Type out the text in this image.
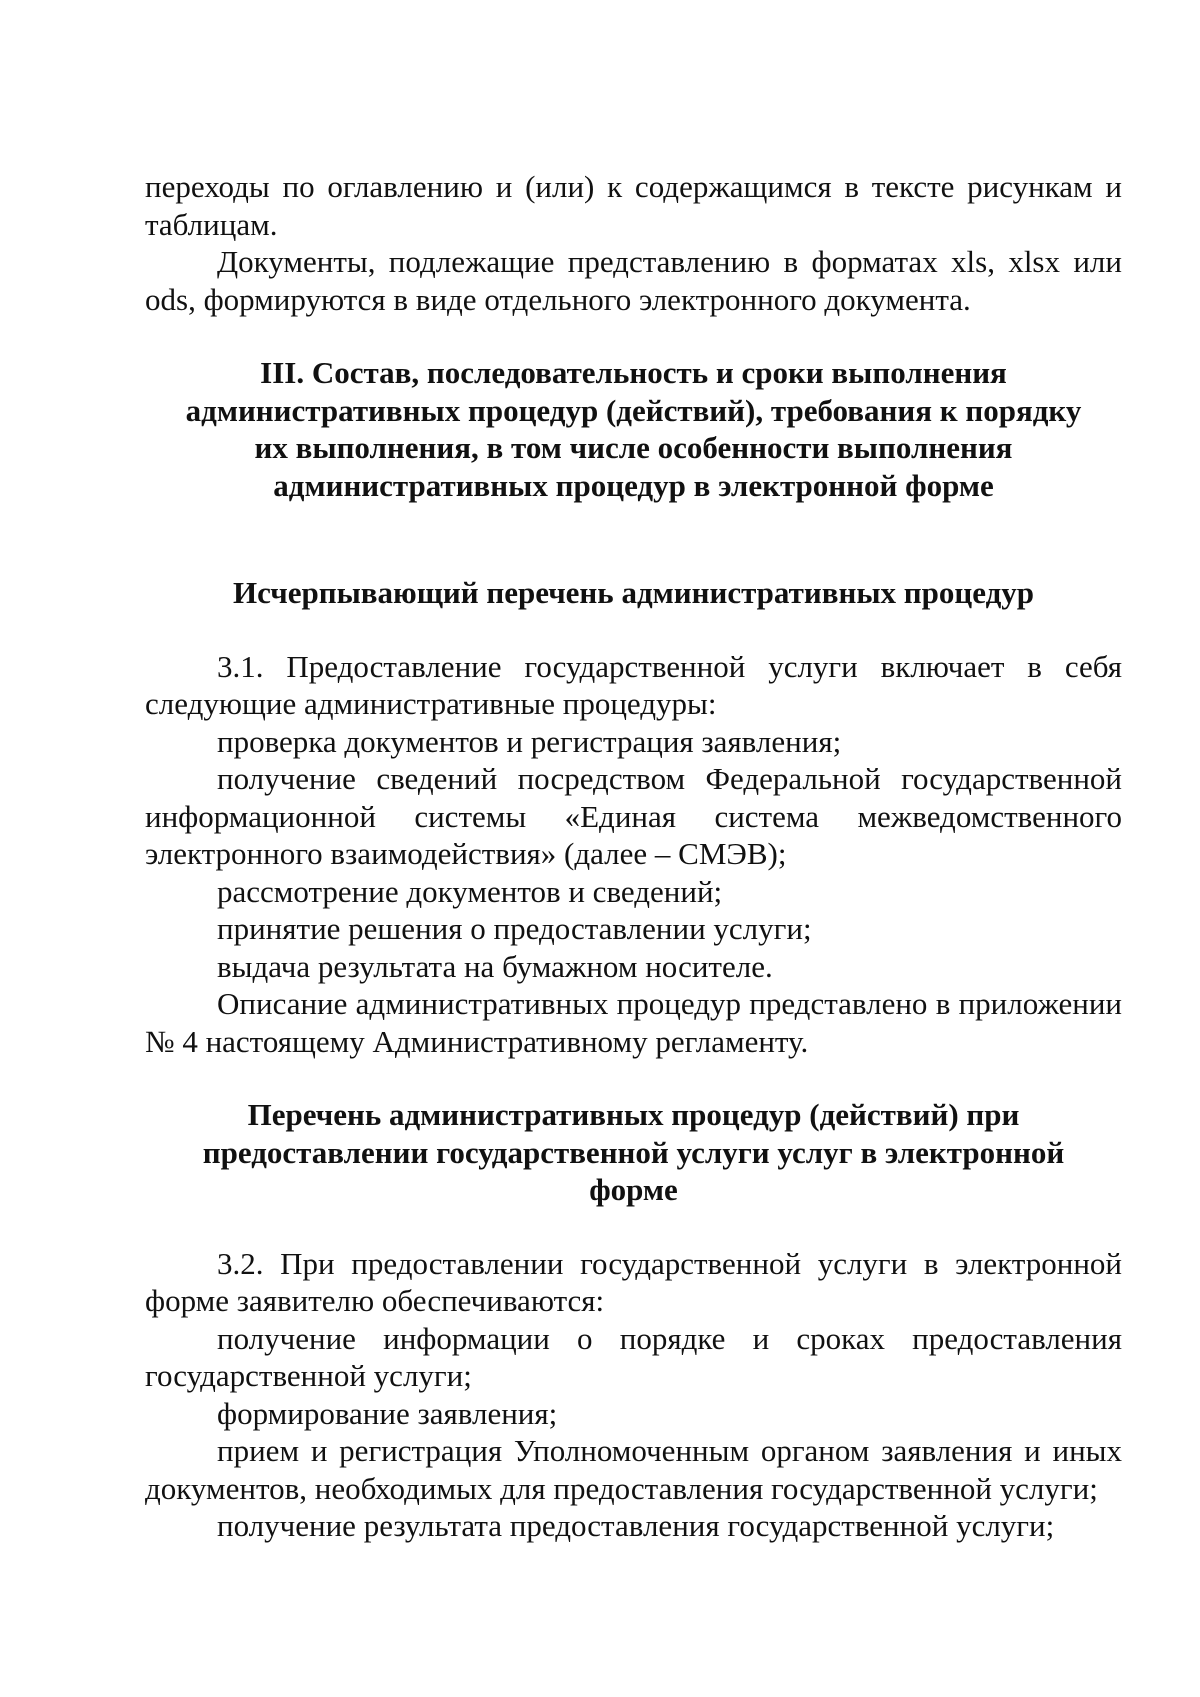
переходы по оглавлению и (или) к содержащимся в тексте рисункам и таблицам.

Документы, подлежащие представлению в форматах xls, xlsx или ods, формируются в виде отдельного электронного документа.

III. Состав, последовательность и сроки выполнения административных процедур (действий), требования к порядку их выполнения, в том числе особенности выполнения административных процедур в электронной форме
Исчерпывающий перечень административных процедур

3.1. Предоставление государственной услуги включает в себя следующие административные процедуры:

проверка документов и регистрация заявления;

получение сведений посредством Федеральной государственной информационной системы «Единая система межведомственного электронного взаимодействия» (далее – СМЭВ);

рассмотрение документов и сведений;

принятие решения о предоставлении услуги;

выдача результата на бумажном носителе.

Описание административных процедур представлено в приложении № 4 настоящему Административному регламенту.

Перечень административных процедур (действий) при предоставлении государственной услуги услуг в электронной форме

3.2. При предоставлении государственной услуги в электронной форме заявителю обеспечиваются:

получение информации о порядке и сроках предоставления государственной услуги;

формирование заявления;

прием и регистрация Уполномоченным органом заявления и иных документов, необходимых для предоставления государственной услуги;

получение результата предоставления государственной услуги;
